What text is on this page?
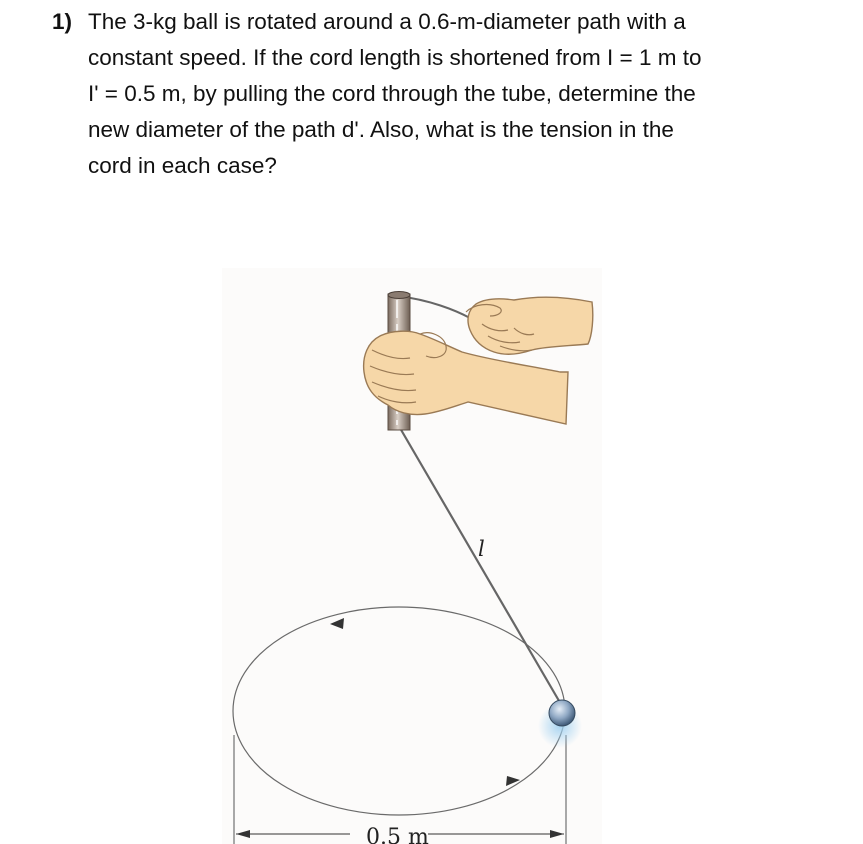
1) The 3-kg ball is rotated around a 0.6-m-diameter path with a
constant speed. If the cord length is shortened from I = 1 m to
I' = 0.5 m, by pulling the cord through the tube, determine the
new diameter of the path d'. Also, what is the tension in the
cord in each case?
0.5 m
l
